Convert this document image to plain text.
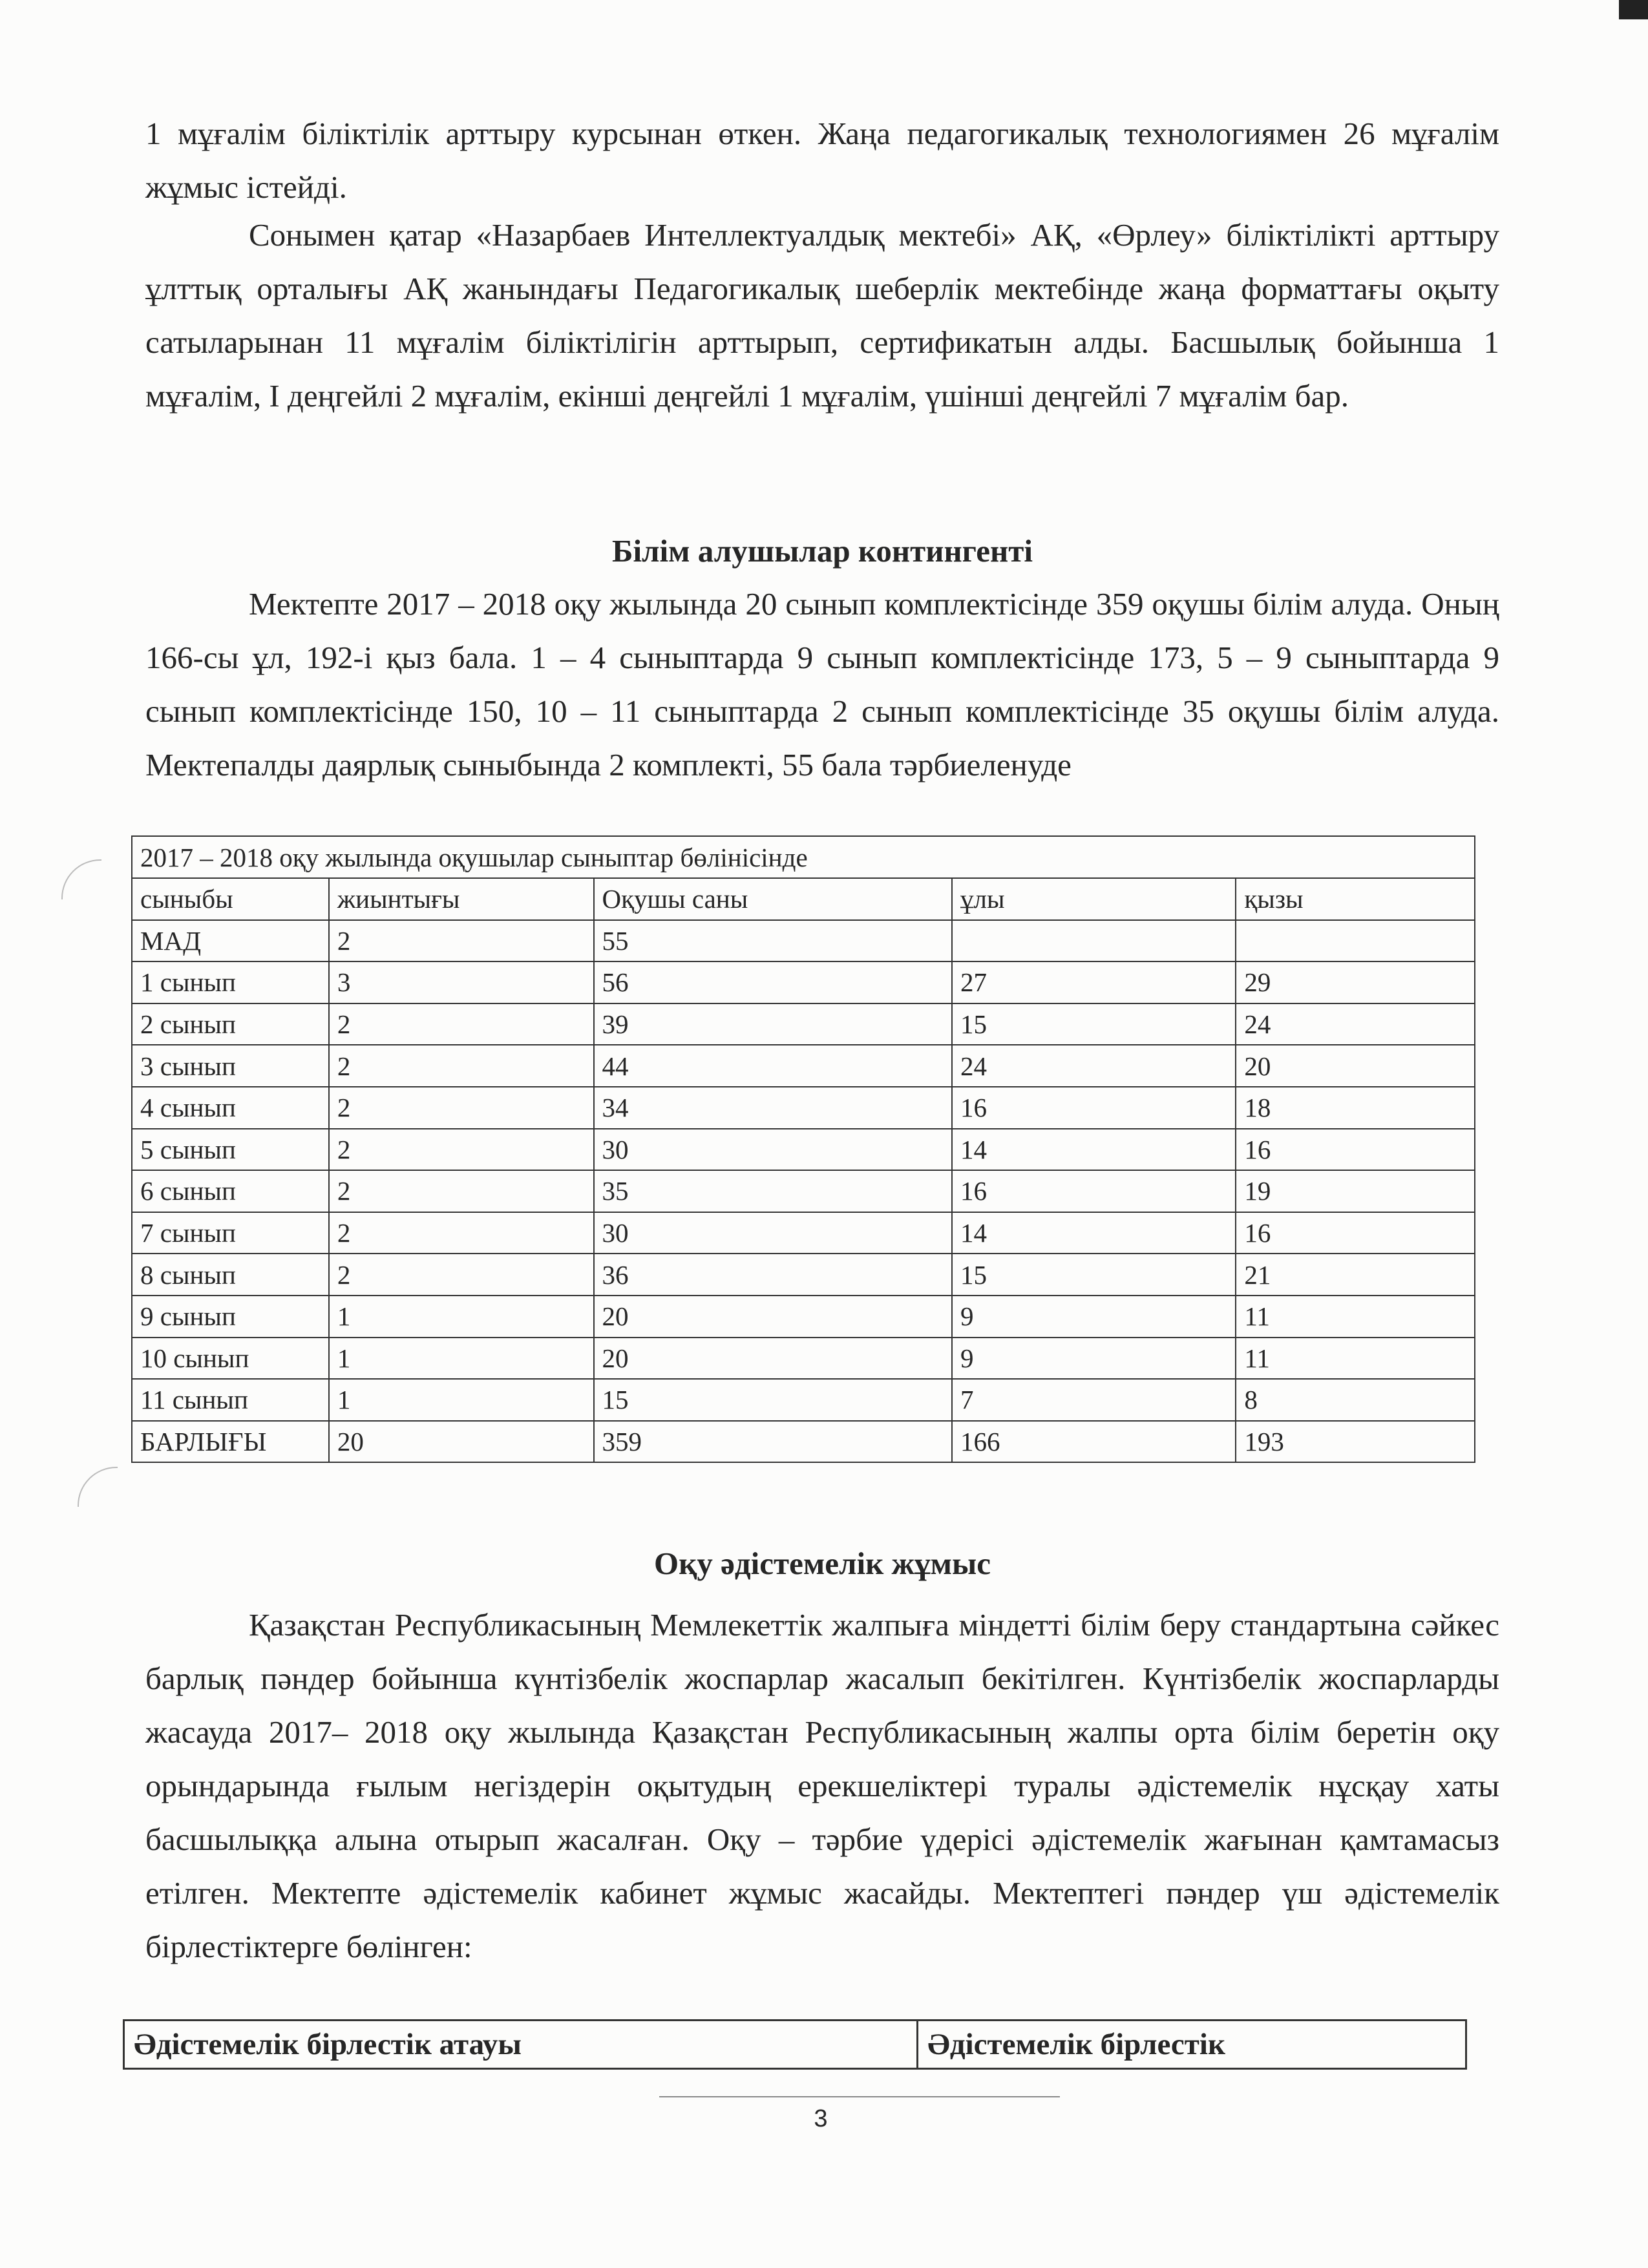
1 мұғалім біліктілік арттыру курсынан өткен. Жаңа педагогикалық технологиямен 26 мұғалім жұмыс істейді.

Сонымен қатар «Назарбаев Интеллектуалдық мектебі» АҚ, «Өрлеу» біліктілікті арттыру ұлттық орталығы АҚ жанындағы Педагогикалық шеберлік мектебінде жаңа форматтағы оқыту сатыларынан 11 мұғалім біліктілігін арттырып, сертификатын алды. Басшылық бойынша 1 мұғалім, І деңгейлі 2 мұғалім, екінші деңгейлі 1 мұғалім, үшінші деңгейлі 7 мұғалім бар.

Білім алушылар контингенті

Мектепте 2017 – 2018 оқу жылында 20 сынып комплектісінде 359 оқушы білім алуда. Оның 166-сы ұл, 192-і қыз бала. 1 – 4 сыныптарда 9 сынып комплектісінде 173, 5 – 9 сыныптарда 9 сынып комплектісінде 150, 10 – 11 сыныптарда 2 сынып комплектісінде 35 оқушы білім алуда. Мектепалды даярлық сыныбында 2 комплекті, 55 бала тәрбиеленуде

2017 – 2018 оқу жылында оқушылар сыныптар бөлінісінде				
сыныбы	жиынтығы	Оқушы саны	ұлы	қызы
МАД	2	55		
1 сынып	3	56	27	29
2 сынып	2	39	15	24
3 сынып	2	44	24	20
4 сынып	2	34	16	18
5 сынып	2	30	14	16
6 сынып	2	35	16	19
7 сынып	2	30	14	16
8 сынып	2	36	15	21
9 сынып	1	20	9	11
10 сынып	1	20	9	11
11 сынып	1	15	7	8
БАРЛЫҒЫ	20	359	166	193
Оқу әдістемелік жұмыс

Қазақстан Республикасының Мемлекеттік жалпыға міндетті білім беру стандартына сәйкес барлық пәндер бойынша күнтізбелік жоспарлар жасалып бекітілген. Күнтізбелік жоспарларды жасауда 2017– 2018 оқу жылында Қазақстан Республикасының жалпы орта білім беретін оқу орындарында ғылым негіздерін оқытудың ерекшеліктері туралы әдістемелік нұсқау хаты басшылыққа алына отырып жасалған. Оқу – тәрбие үдерісі әдістемелік жағынан қамтамасыз етілген. Мектепте әдістемелік кабинет жұмыс жасайды. Мектептегі пәндер үш әдістемелік бірлестіктерге бөлінген:

Әдістемелік бірлестік атауы	Әдістемелік бірлестік
3
